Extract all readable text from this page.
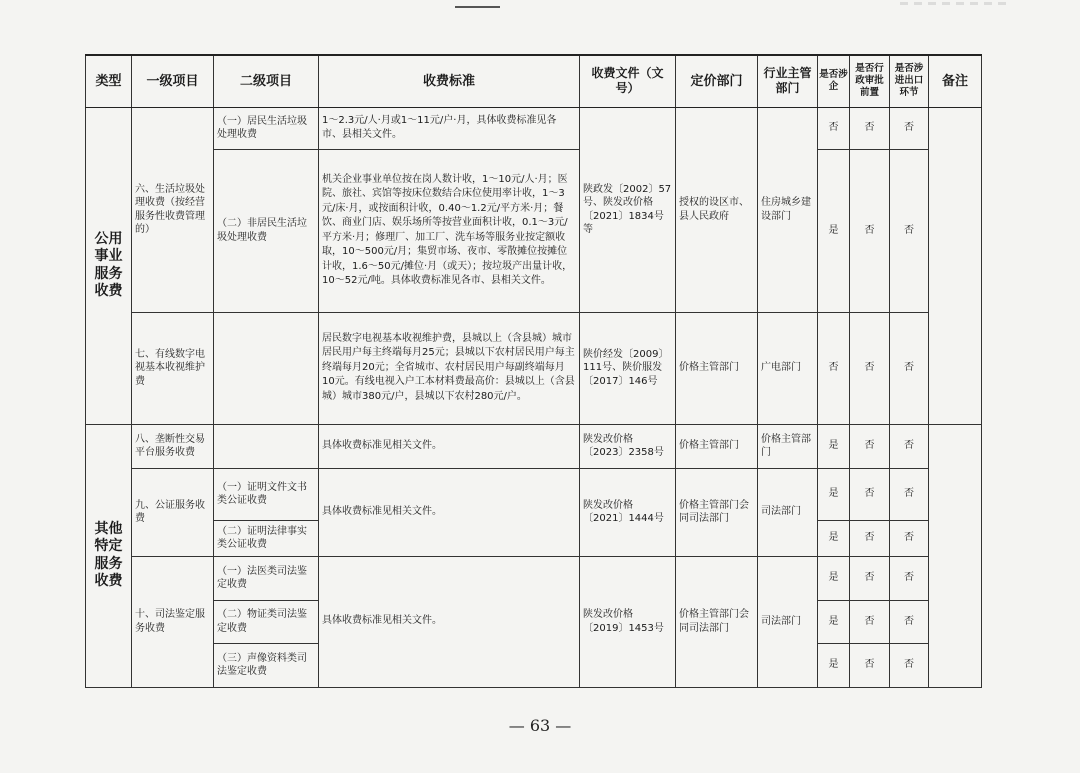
类型	一级项目	二级项目	收费标准	收费文件（文号）	定价部门	行业主管部门	是否涉企	是否行政审批前置	是否涉进出口环节	备注
公用事业服务收费	六、生活垃圾处理收费（按经营服务性收费管理的）	（一）居民生活垃圾处理收费	1～2.3元/人·月或1～11元/户·月，具体收费标准见各市、县相关文件。	陕政发〔2002〕57号、陕发改价格〔2021〕1834号等	授权的设区市、县人民政府	住房城乡建设部门	否	否	否	
		（二）非居民生活垃圾处理收费	机关企业事业单位按在岗人数计收，1～10元/人·月；医院、旅社、宾馆等按床位数结合床位使用率计收，1～3元/床·月，或按面积计收，0.40～1.2元/平方米·月；餐饮、商业门店、娱乐场所等按营业面积计收，0.1～3元/平方米·月；修理厂、加工厂、洗车场等服务业按定额收取，10～500元/月；集贸市场、夜市、零散摊位按摊位计收，1.6～50元/摊位·月（或天）；按垃圾产出量计收，10～52元/吨。具体收费标准见各市、县相关文件。				是	否	否	
	七、有线数字电视基本收视维护费		居民数字电视基本收视维护费，县城以上（含县城）城市居民用户每主终端每月25元；县城以下农村居民用户每主终端每月20元；全省城市、农村居民用户每副终端每月10元。有线电视入户工本材料费最高价：县城以上（含县城）城市380元/户，县城以下农村280元/户。	陕价经发〔2009〕111号、陕价服发〔2017〕146号	价格主管部门	广电部门	否	否	否	
其他特定服务收费	八、垄断性交易平台服务收费		具体收费标准见相关文件。	陕发改价格〔2023〕2358号	价格主管部门	价格主管部门	是	否	否	
	九、公证服务收费	（一）证明文件文书类公证收费	具体收费标准见相关文件。	陕发改价格〔2021〕1444号	价格主管部门会同司法部门	司法部门	是	否	否	
		（二）证明法律事实类公证收费					是	否	否	
	十、司法鉴定服务收费	（一）法医类司法鉴定收费	具体收费标准见相关文件。	陕发改价格〔2019〕1453号	价格主管部门会同司法部门	司法部门	是	否	否	
		（二）物证类司法鉴定收费					是	否	否	
		（三）声像资料类司法鉴定收费					是	否	否	
— 63 —
